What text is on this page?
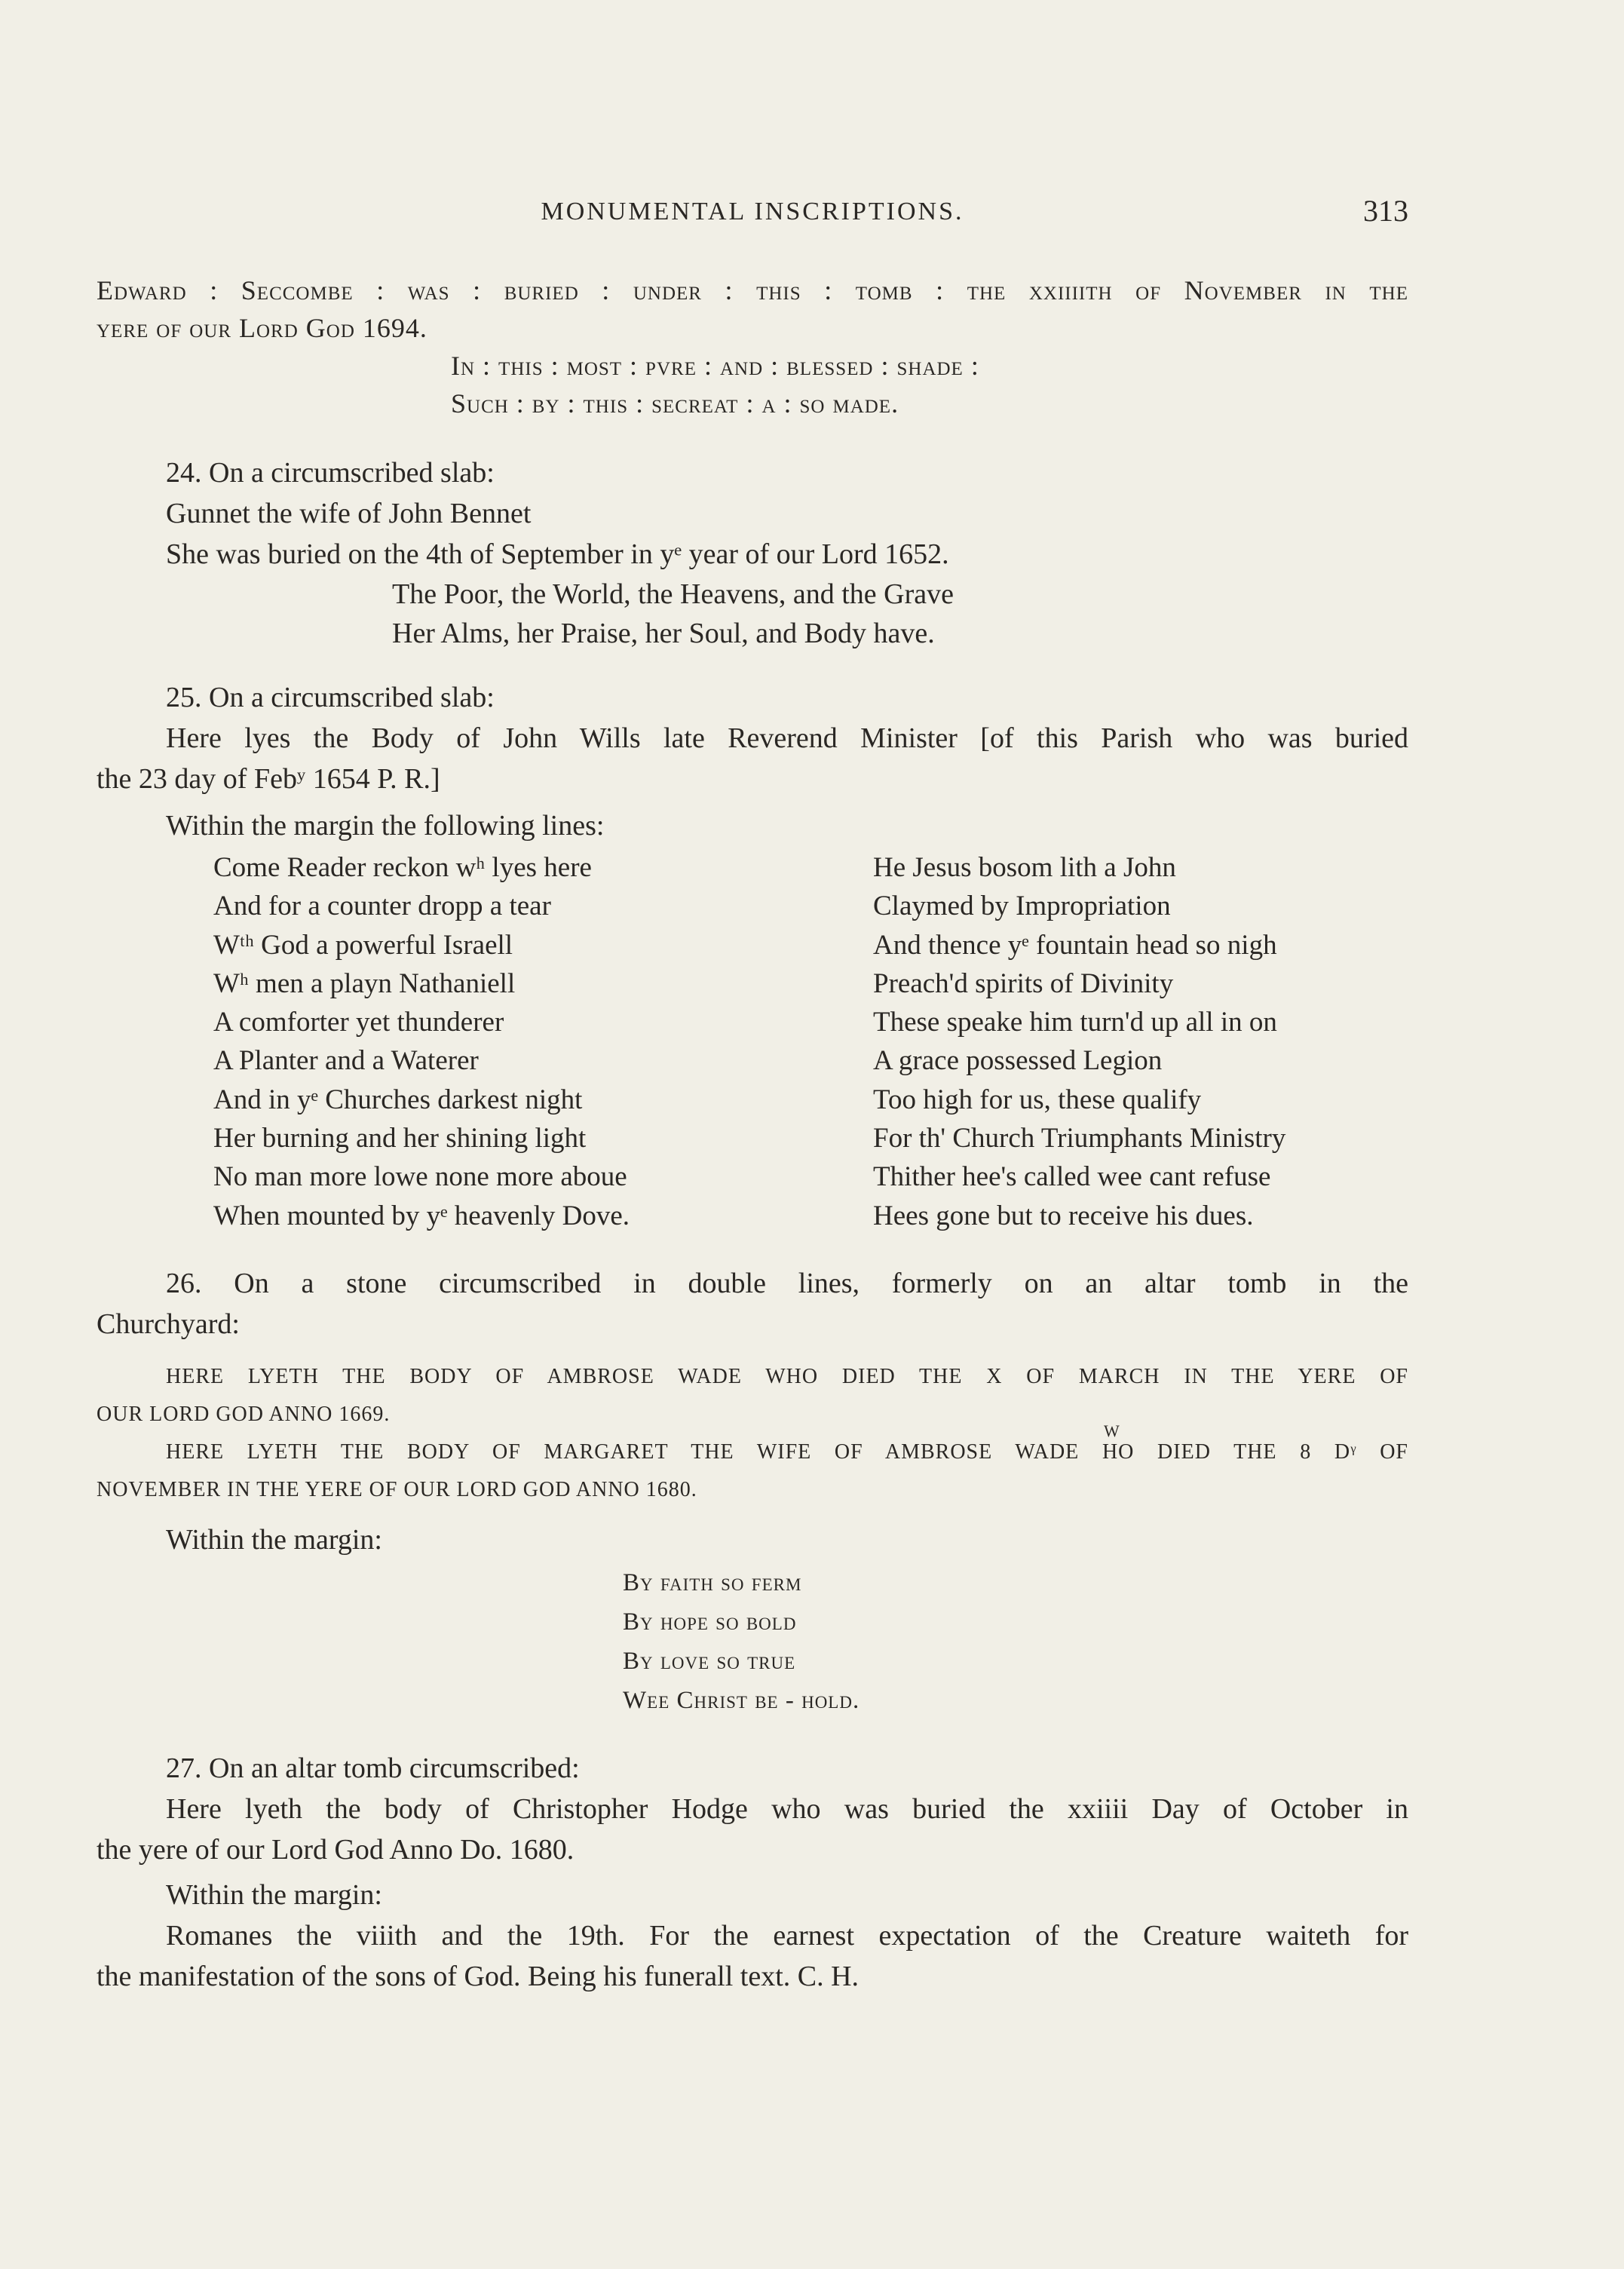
MONUMENTAL INSCRIPTIONS.	313
Edward : Seccombe : was : buried : under : this : tomb : the xxiiiith of November in the
yere of our Lord God 1694.
In : this : most : pvre : and : blessed : shade :
Such : by : this : secreat : a : so made.
24. On a circumscribed slab:
Gunnet the wife of John Bennet
She was buried on the 4th of September in yᵉ year of our Lord 1652.
The Poor, the World, the Heavens, and the Grave
Her Alms, her Praise, her Soul, and Body have.
25. On a circumscribed slab:
Here lyes the Body of John Wills late Reverend Minister [of this Parish who was buried
the 23 day of Febʸ 1654 P. R.]
Within the margin the following lines:
Come Reader reckon wʰ lyes here
And for a counter dropp a tear
Wᵗʰ God a powerful Israell
Wʰ men a playn Nathaniell
A comforter yet thunderer
A Planter and a Waterer
And in yᵉ Churches darkest night
Her burning and her shining light
No man more lowe none more aboue
When mounted by yᵉ heavenly Dove.
He Jesus bosom lith a John
Claymed by Impropriation
And thence yᵉ fountain head so nigh
Preach'd spirits of Divinity
These speake him turn'd up all in on
A grace possessed Legion
Too high for us, these qualify
For th' Church Triumphants Ministry
Thither hee's called wee cant refuse
Hees gone but to receive his dues.
26. On a stone circumscribed in double lines, formerly on an altar tomb in the
Churchyard:
HERE LYETH THE BODY OF AMBROSE WADE WHO DIED THE X OF MARCH IN THE YERE OF
OUR LORD GOD ANNO 1669.
W
HERE LYETH THE BODY OF MARGARET THE WIFE OF AMBROSE WADE HO DIED THE 8 Dᵞ OF
NOVEMBER IN THE YERE OF OUR LORD GOD ANNO 1680.
Within the margin:
By faith so ferm
By hope so bold
By love so true
Wee Christ be - hold.
27. On an altar tomb circumscribed:
Here lyeth the body of Christopher Hodge who was buried the xxiiii Day of October in
the yere of our Lord God Anno Do. 1680.
Within the margin:
Romanes the viiith and the 19th. For the earnest expectation of the Creature waiteth for
the manifestation of the sons of God. Being his funerall text. C. H.
